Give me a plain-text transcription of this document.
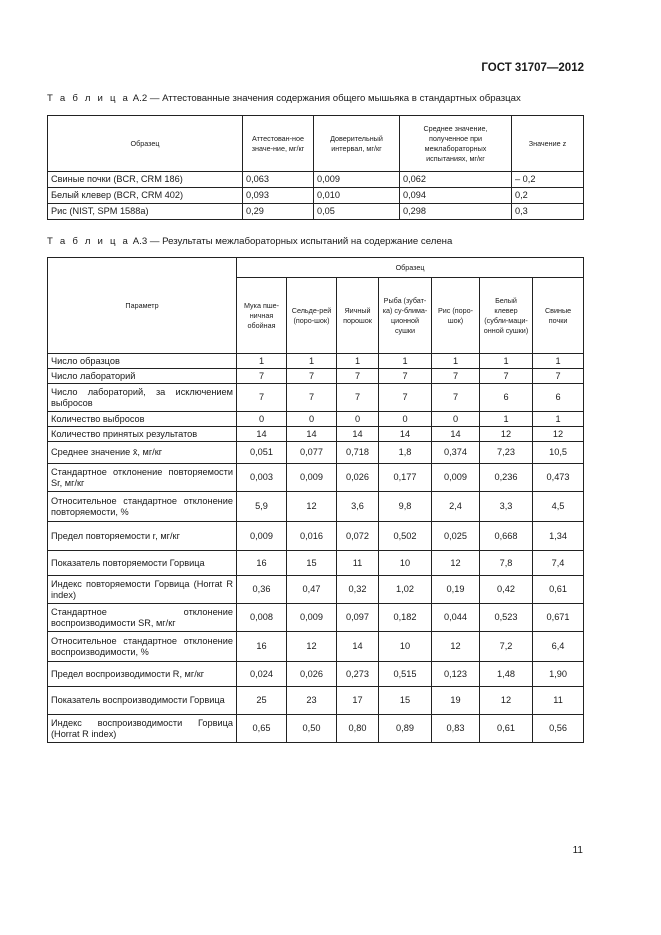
ГОСТ 31707—2012
Т а б л и ц а А.2 — Аттестованные значения содержания общего мышьяка в стандартных образцах
Образец	Аттестован-ное значе-ние, мг/кг	Доверительный интервал, мг/кг	Среднее значение, полученное при межлабораторных испытаниях, мг/кг	Значение z
Свиные почки (BCR, CRM 186)	0,063	0,009	0,062	– 0,2
Белый клевер (BCR, CRM 402)	0,093	0,010	0,094	0,2
Рис (NIST, SPM 1588a)	0,29	0,05	0,298	0,3
Т а б л и ц а А.3 — Результаты межлабораторных испытаний на содержание селена
Параметр	Образец						
	Мука пше-ничная обойная	Сельде-рей (поро-шок)	Яичный порошок	Рыба (зубат-ка) су-блима-ционной сушки	Рис (поро-шок)	Белый клевер (субли-маци-онной сушки)	Свиные почки
Число образцов	1	1	1	1	1	1	1
Число лабораторий	7	7	7	7	7	7	7
Число лабораторий, за исключением выбросов	7	7	7	7	7	6	6
Количество выбросов	0	0	0	0	0	1	1
Количество принятых результатов	14	14	14	14	14	12	12
Среднее значение x̄, мг/кг	0,051	0,077	0,718	1,8	0,374	7,23	10,5
Стандартное отклонение повторяемости Sr, мг/кг	0,003	0,009	0,026	0,177	0,009	0,236	0,473
Относительное стандартное отклонение повторяемости, %	5,9	12	3,6	9,8	2,4	3,3	4,5
Предел повторяемости r, мг/кг	0,009	0,016	0,072	0,502	0,025	0,668	1,34
Показатель повторяемости Горвица	16	15	11	10	12	7,8	7,4
Индекс повторяемости Горвица (Horrat R index)	0,36	0,47	0,32	1,02	0,19	0,42	0,61
Стандартное отклонение воспроизводимости SR, мг/кг	0,008	0,009	0,097	0,182	0,044	0,523	0,671
Относительное стандартное отклонение воспроизводимости, %	16	12	14	10	12	7,2	6,4
Предел воспроизводимости R, мг/кг	0,024	0,026	0,273	0,515	0,123	1,48	1,90
Показатель воспроизводимости Горвица	25	23	17	15	19	12	11
Индекс воспроизводимости Горвица (Horrat R index)	0,65	0,50	0,80	0,89	0,83	0,61	0,56
11
